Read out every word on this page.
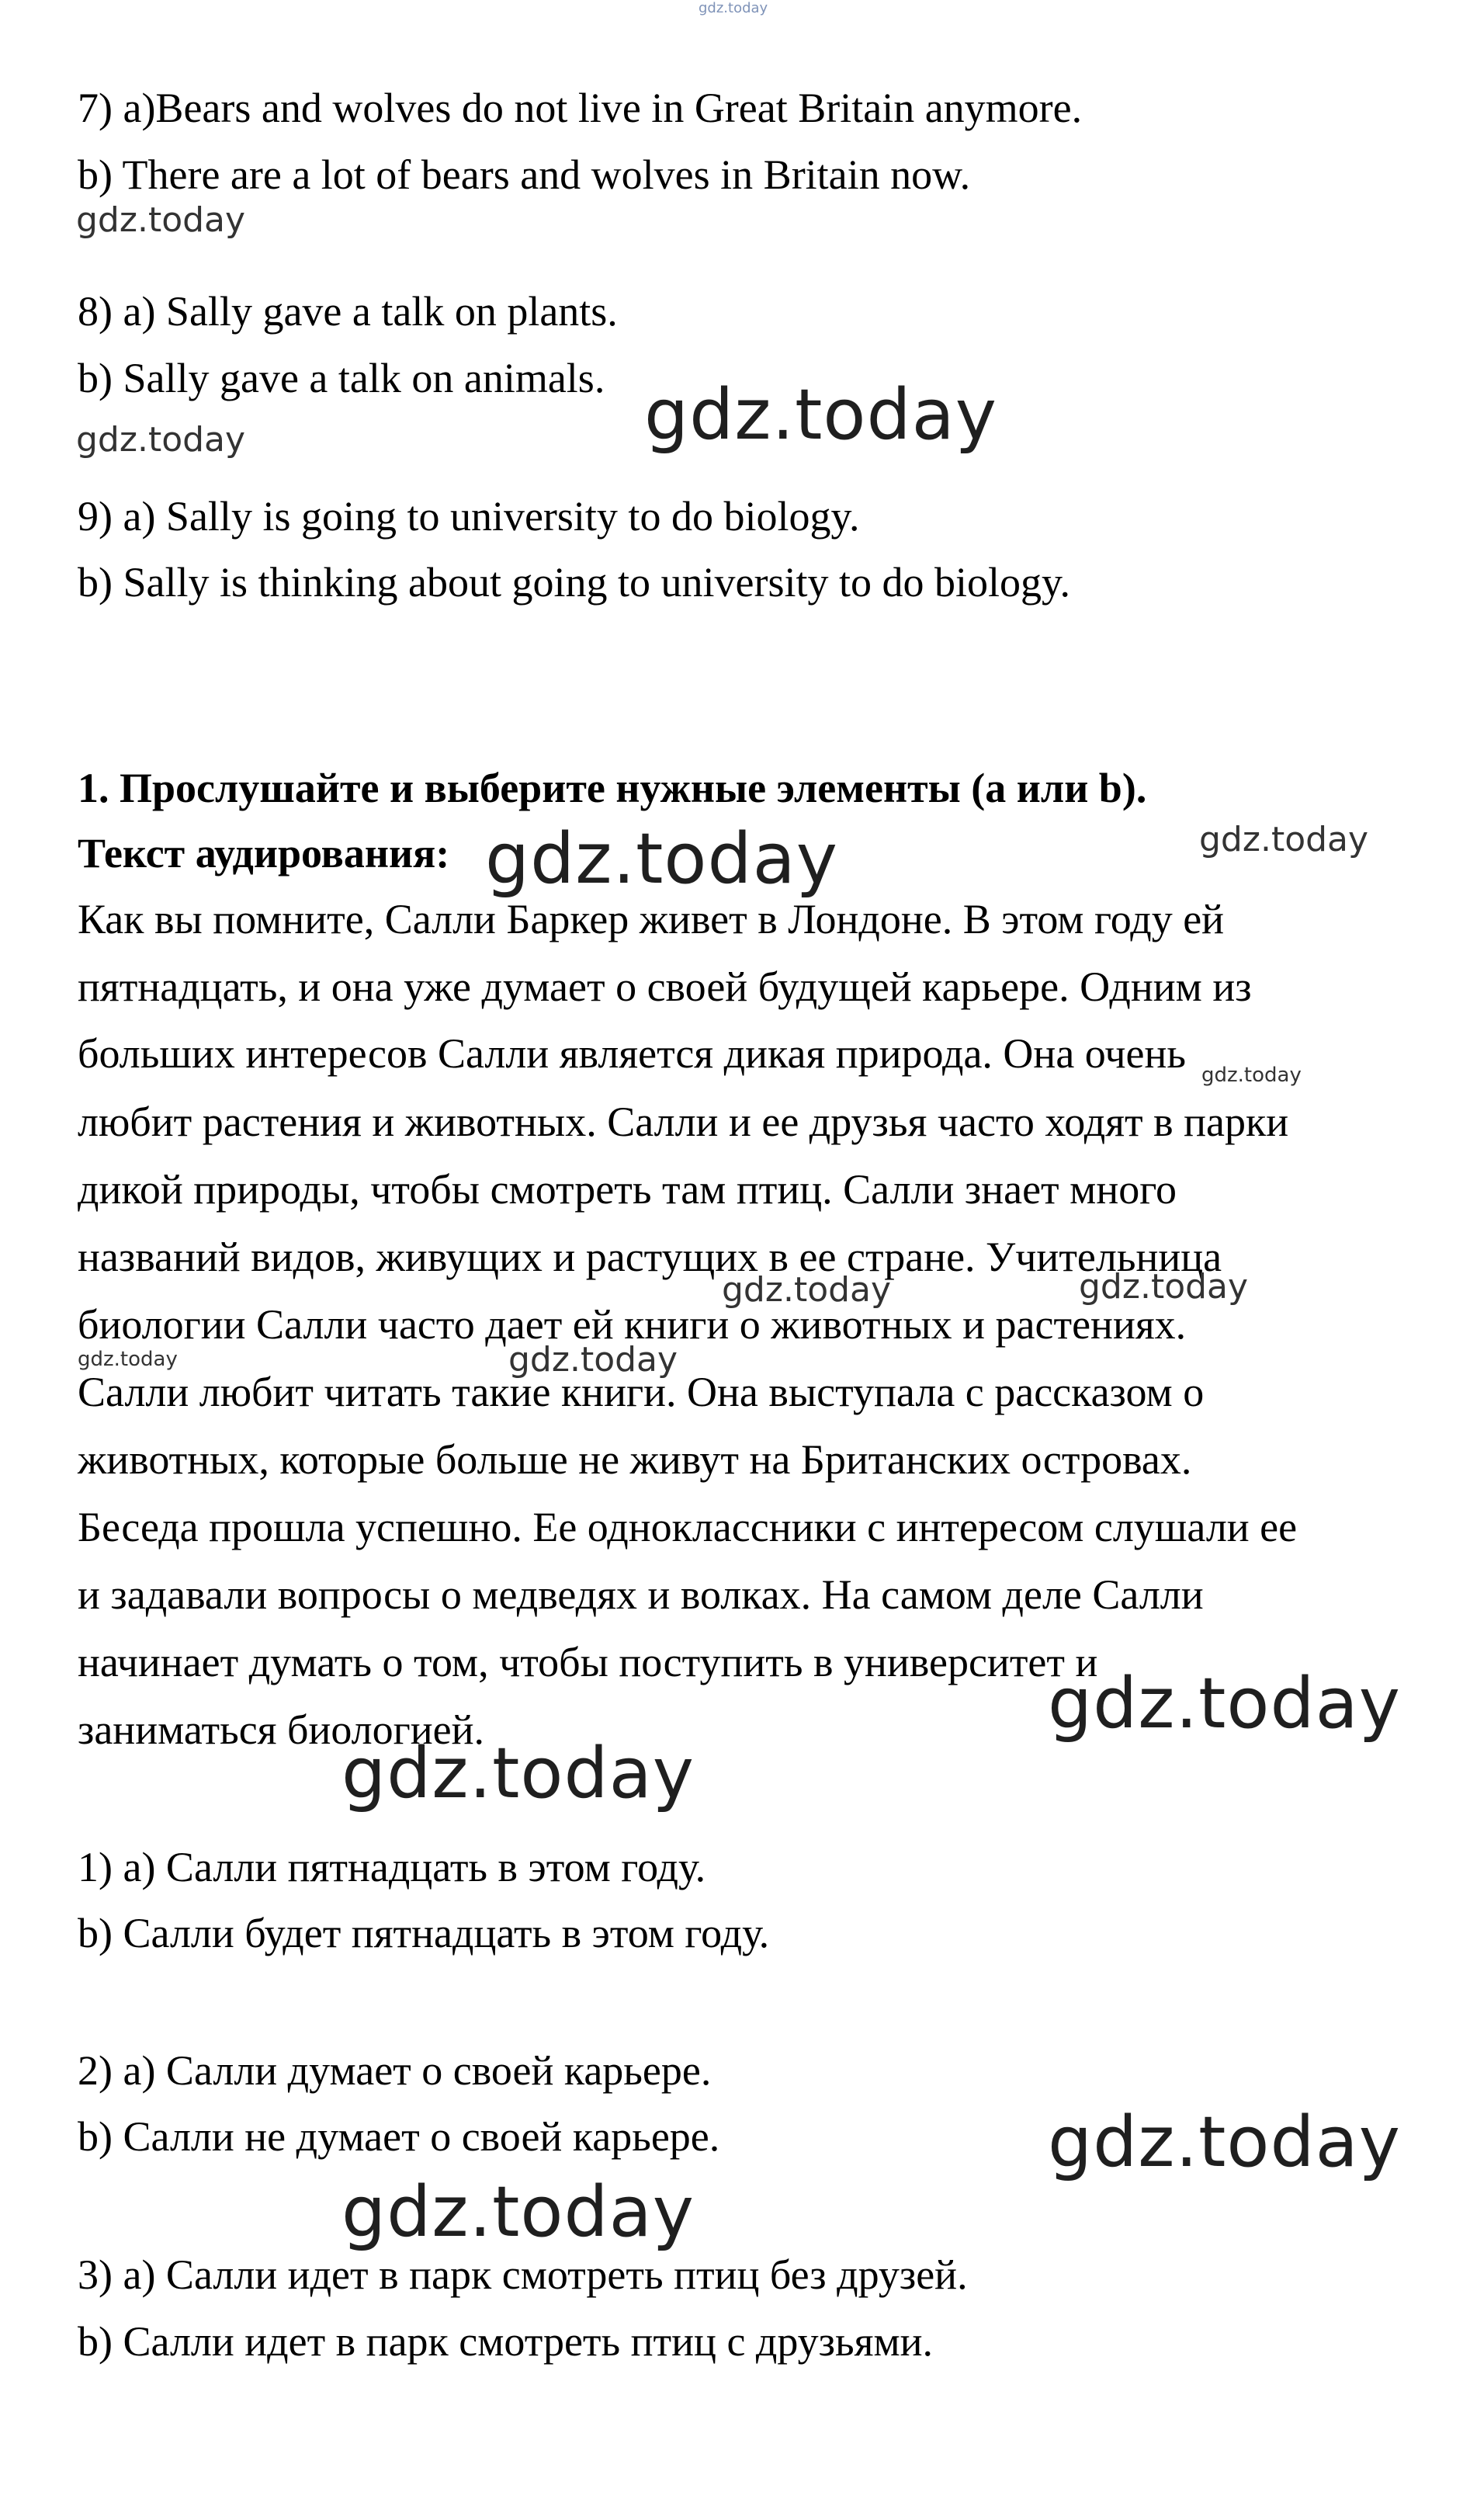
gdz.today
7) a)Bears and wolves do not live in Great Britain anymore.
b) There are a lot of bears and wolves in Britain now.
8) a) Sally gave a talk on plants.
b) Sally gave a talk on animals.
9) a) Sally is going to university to do biology.
b) Sally is thinking about going to university to do biology.
1. Прослушайте и выберите нужные элементы (a или b).
Текст аудирования:
Как вы помните, Салли Баркер живет в Лондоне. В этом году ей
пятнадцать, и она уже думает о своей будущей карьере. Одним из
больших интересов Салли является дикая природа. Она очень
любит растения и животных. Салли и ее друзья часто ходят в парки
дикой природы, чтобы смотреть там птиц. Салли знает много
названий видов, живущих и растущих в ее стране. Учительница
биологии Салли часто дает ей книги о животных и растениях.
Салли любит читать такие книги. Она выступала с рассказом о
животных, которые больше не живут на Британских островах.
Беседа прошла успешно. Ее одноклассники с интересом слушали ее
и задавали вопросы о медведях и волках. На самом деле Салли
начинает думать о том, чтобы поступить в университет и
заниматься биологией.
1) a) Салли пятнадцать в этом году.
b) Салли будет пятнадцать в этом году.
2) a) Салли думает о своей карьере.
b) Салли не думает о своей карьере.
3) a) Салли идет в парк смотреть птиц без друзей.
b) Салли идет в парк смотреть птиц с друзьями.
gdz.today
gdz.today	gdz.today
gdz.today	gdz.today
gdz.today
gdz.today	gdz.today
gdz.today	gdz.today
gdz.today
gdz.today
gdz.today
gdz.today
